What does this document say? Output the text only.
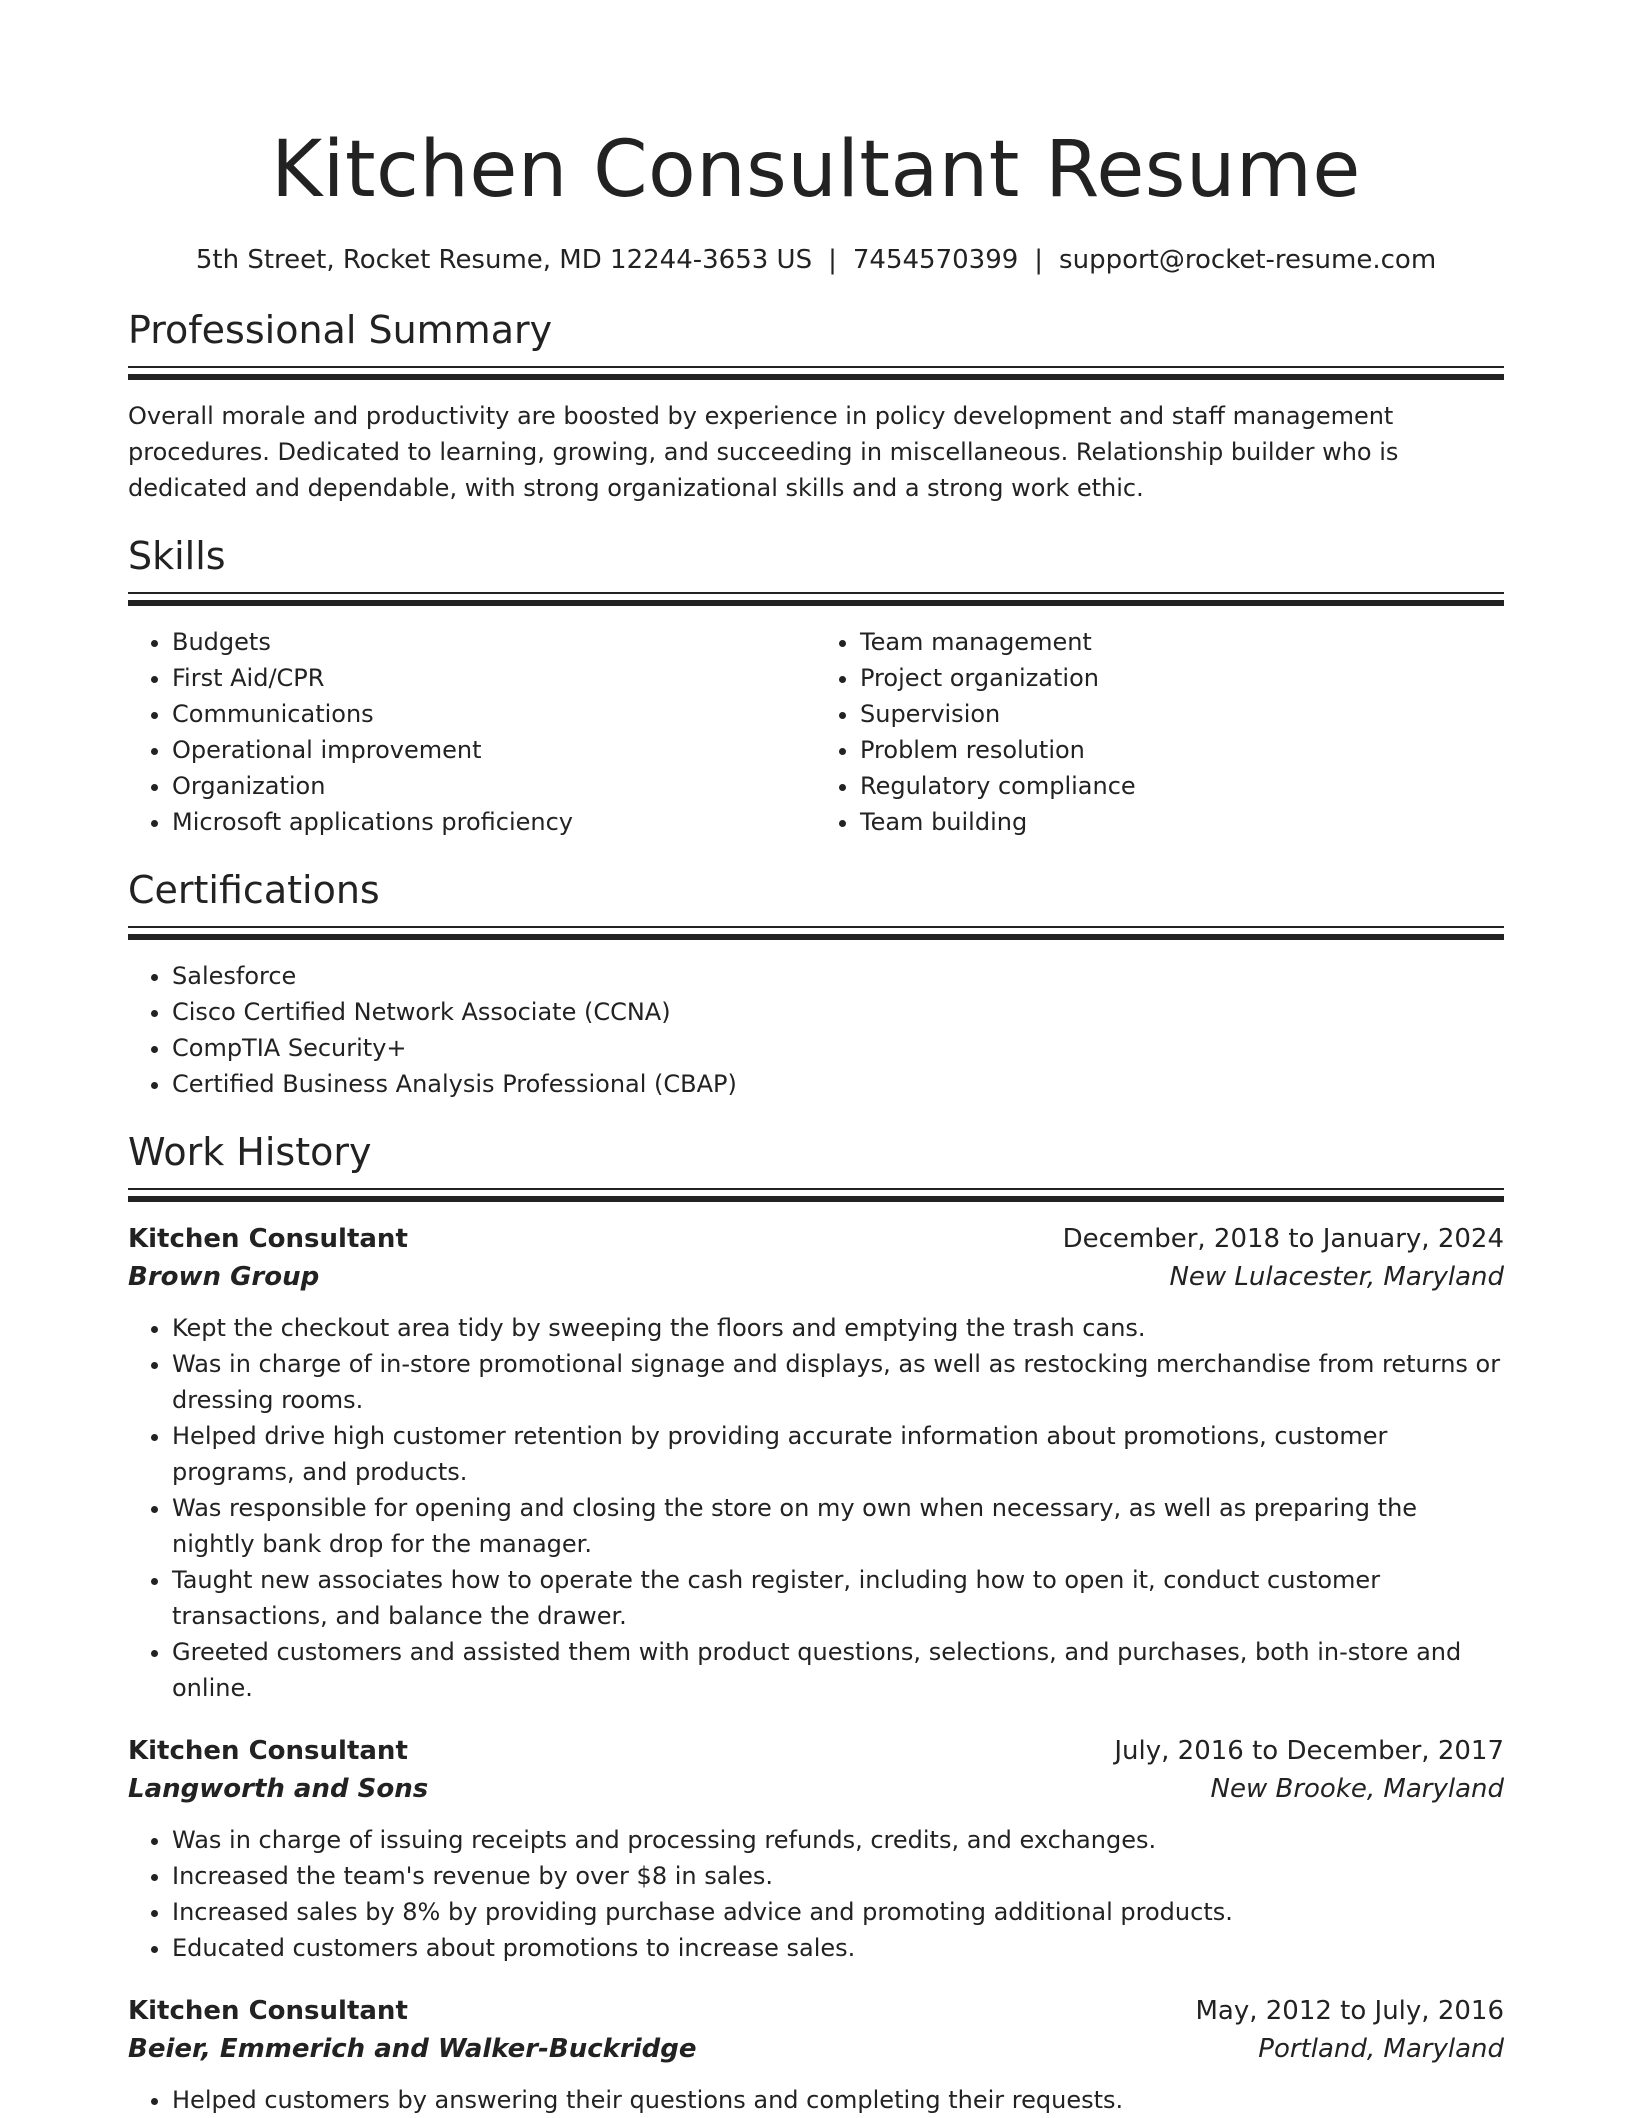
Kitchen Consultant Resume
5th Street, Rocket Resume, MD 12244-3653 US | 7454570399 | support@rocket-resume.com
Professional Summary

Overall morale and productivity are boosted by experience in policy development and staff management procedures. Dedicated to learning, growing, and succeeding in miscellaneous. Relationship builder who is dedicated and dependable, with strong organizational skills and a strong work ethic.

Skills
• Budgets
• First Aid/CPR
• Communications
• Operational improvement
• Organization
• Microsoft applications proficiency
• Team management
• Project organization
• Supervision
• Problem resolution
• Regulatory compliance
• Team building
Certifications
• Salesforce
• Cisco Certified Network Associate (CCNA)
• CompTIA Security+
• Certified Business Analysis Professional (CBAP)
Work History
Kitchen Consultant	December, 2018 to January, 2024
Brown Group	New Lulacester, Maryland
• Kept the checkout area tidy by sweeping the floors and emptying the trash cans.
• Was in charge of in-store promotional signage and displays, as well as restocking merchandise from returns or dressing rooms.
• Helped drive high customer retention by providing accurate information about promotions, customer programs, and products.
• Was responsible for opening and closing the store on my own when necessary, as well as preparing the nightly bank drop for the manager.
• Taught new associates how to operate the cash register, including how to open it, conduct customer transactions, and balance the drawer.
• Greeted customers and assisted them with product questions, selections, and purchases, both in-store and online.
Kitchen Consultant	July, 2016 to December, 2017
Langworth and Sons	New Brooke, Maryland
• Was in charge of issuing receipts and processing refunds, credits, and exchanges.
• Increased the team's revenue by over $8 in sales.
• Increased sales by 8% by providing purchase advice and promoting additional products.
• Educated customers about promotions to increase sales.
Kitchen Consultant	May, 2012 to July, 2016
Beier, Emmerich and Walker-Buckridge	Portland, Maryland
• Helped customers by answering their questions and completing their requests.
